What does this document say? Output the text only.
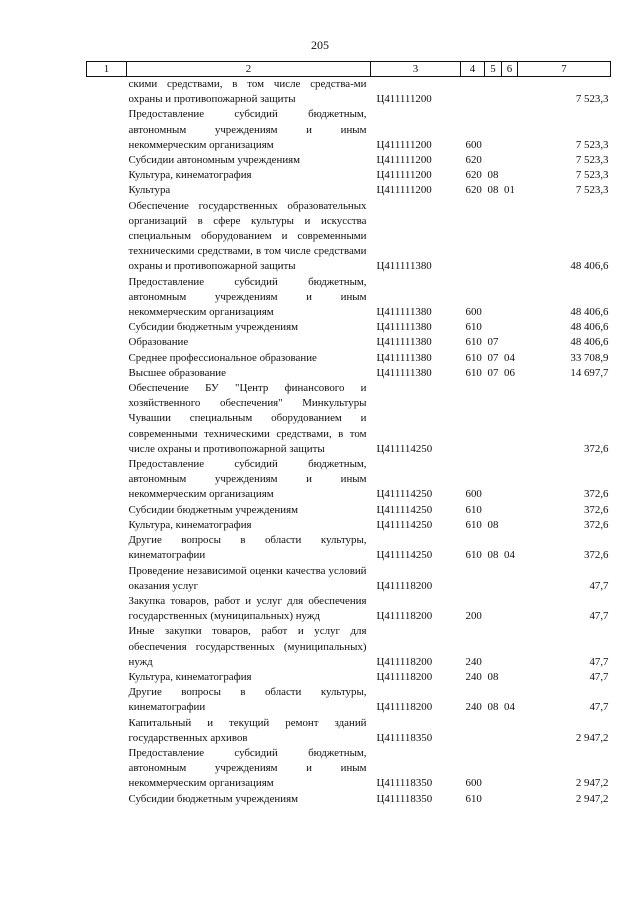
205
1	2	3	4	5	6	7
	скими средствами, в том числе средства-ми охраны и противопожарной защиты	Ц411111200				7 523,3
	Предоставление субсидий бюджетным, автономным учреждениям и иным некоммерческим организациям	Ц411111200	600			7 523,3
	Субсидии автономным учреждениям	Ц411111200	620			7 523,3
	Культура, кинематография	Ц411111200	620	08		7 523,3
	Культура	Ц411111200	620	08	01	7 523,3
	Обеспечение государственных образовательных организаций в сфере культуры и искусства специальным оборудованием и современными техническими средствами, в том числе средствами охраны и противопожарной защиты	Ц411111380				48 406,6
	Предоставление субсидий бюджетным, автономным учреждениям и иным некоммерческим организациям	Ц411111380	600			48 406,6
	Субсидии бюджетным учреждениям	Ц411111380	610			48 406,6
	Образование	Ц411111380	610	07		48 406,6
	Среднее профессиональное образование	Ц411111380	610	07	04	33 708,9
	Высшее образование	Ц411111380	610	07	06	14 697,7
	Обеспечение БУ "Центр финансового и хозяйственного обеспечения" Минкультуры Чувашии специальным оборудованием и современными техническими средствами, в том числе охраны и противопожарной защиты	Ц411114250				372,6
	Предоставление субсидий бюджетным, автономным учреждениям и иным некоммерческим организациям	Ц411114250	600			372,6
	Субсидии бюджетным учреждениям	Ц411114250	610			372,6
	Культура, кинематография	Ц411114250	610	08		372,6
	Другие вопросы в области культуры, кинематографии	Ц411114250	610	08	04	372,6
	Проведение независимой оценки качества условий оказания услуг	Ц411118200				47,7
	Закупка товаров, работ и услуг для обеспечения государственных (муниципальных) нужд	Ц411118200	200			47,7
	Иные закупки товаров, работ и услуг для обеспечения государственных (муниципальных) нужд	Ц411118200	240			47,7
	Культура, кинематография	Ц411118200	240	08		47,7
	Другие вопросы в области культуры, кинематографии	Ц411118200	240	08	04	47,7
	Капитальный и текущий ремонт зданий государственных архивов	Ц411118350				2 947,2
	Предоставление субсидий бюджетным, автономным учреждениям и иным некоммерческим организациям	Ц411118350	600			2 947,2
	Субсидии бюджетным учреждениям	Ц411118350	610			2 947,2
